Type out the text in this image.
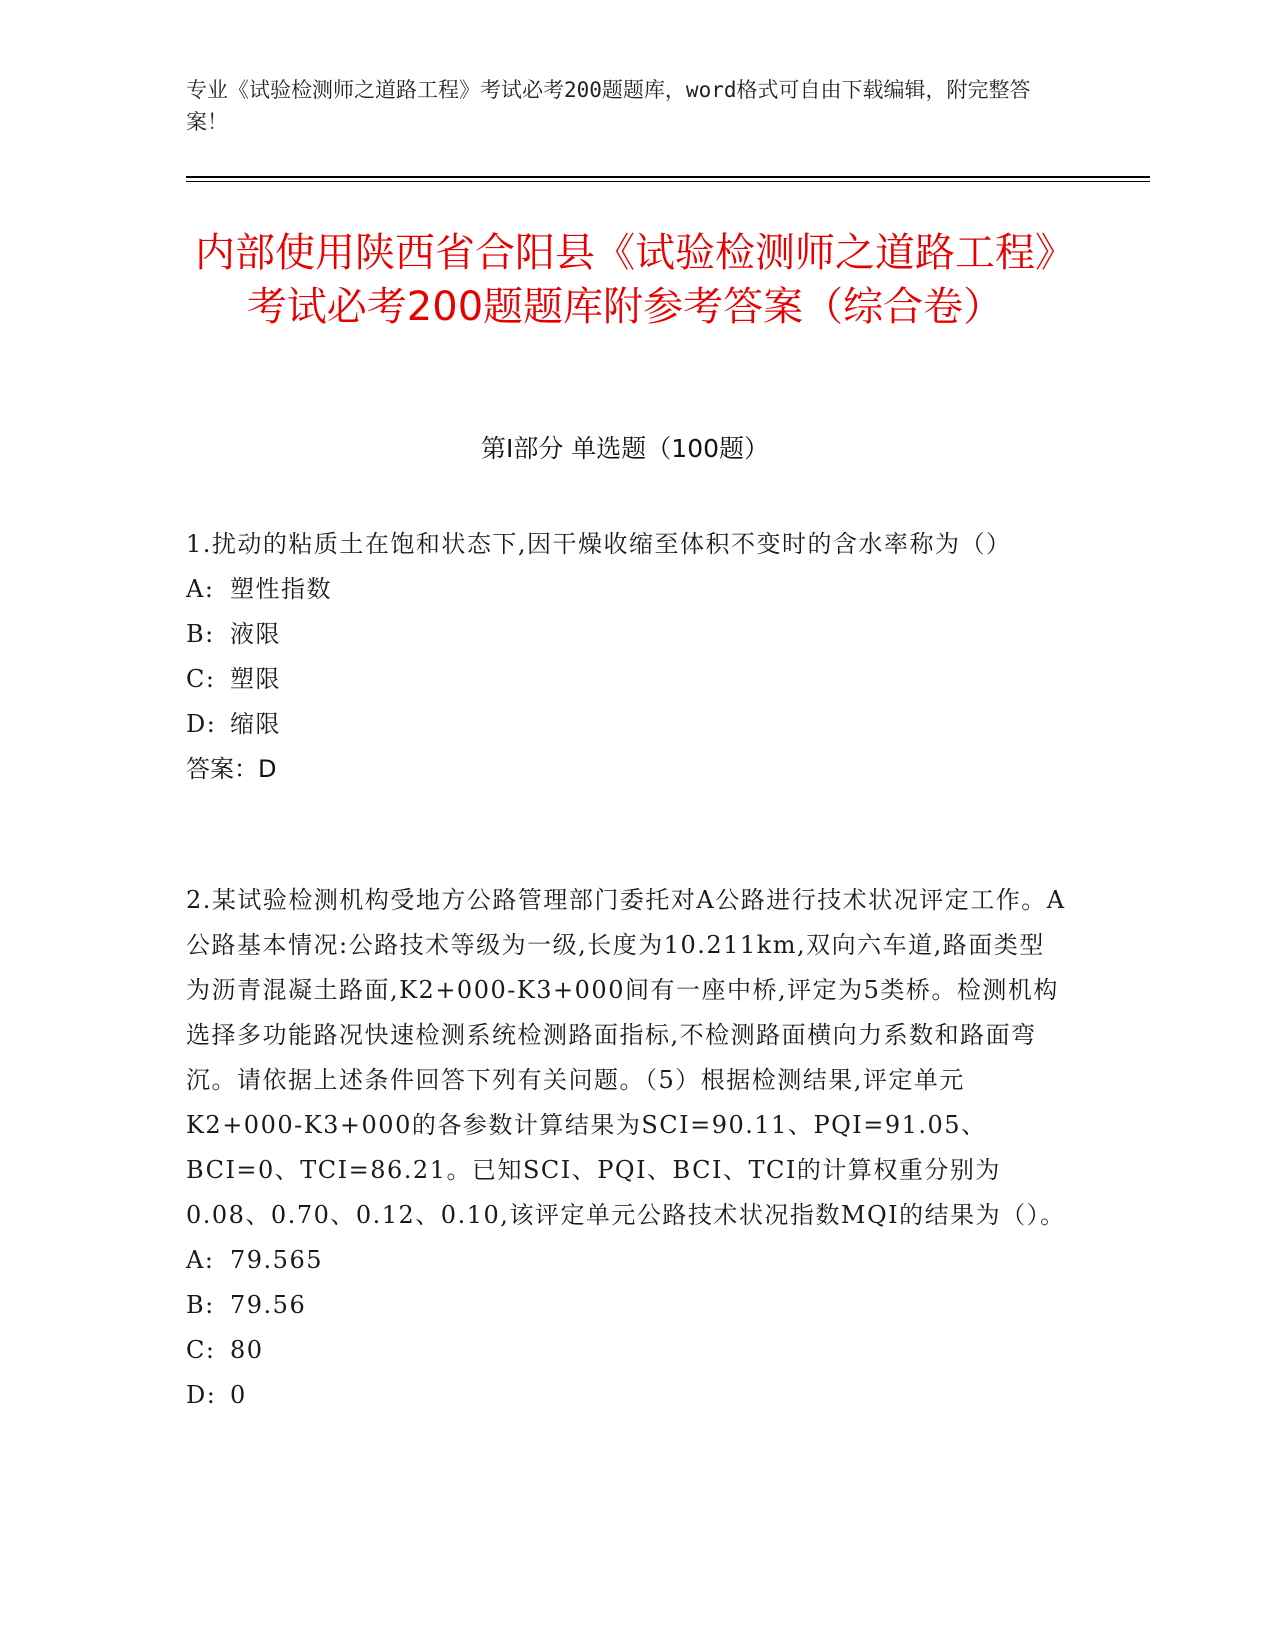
专业《试验检测师之道路工程》考试必考200题题库，word格式可自由下载编辑，附完整答案！
内部使用陕西省合阳县《试验检测师之道路工程》考试必考200题题库附参考答案（综合卷）
第I部分 单选题（100题）

1.扰动的粘质土在饱和状态下,因干燥收缩至体积不变时的含水率称为（）

A: 塑性指数

B: 液限

C: 塑限

D: 缩限

答案：D

2.某试验检测机构受地方公路管理部门委托对A公路进行技术状况评定工作。A公路基本情况:公路技术等级为一级,长度为10.211km,双向六车道,路面类型为沥青混凝土路面,K2+000-K3+000间有一座中桥,评定为5类桥。检测机构选择多功能路况快速检测系统检测路面指标,不检测路面横向力系数和路面弯沉。请依据上述条件回答下列有关问题。（5）根据检测结果,评定单元K2+000-K3+000的各参数计算结果为SCI=90.11、PQI=91.05、BCI=0、TCI=86.21。已知SCI、PQI、BCI、TCI的计算权重分别为0.08、0.70、0.12、0.10,该评定单元公路技术状况指数MQI的结果为（）。

A: 79.565

B: 79.56

C: 80

D: 0
